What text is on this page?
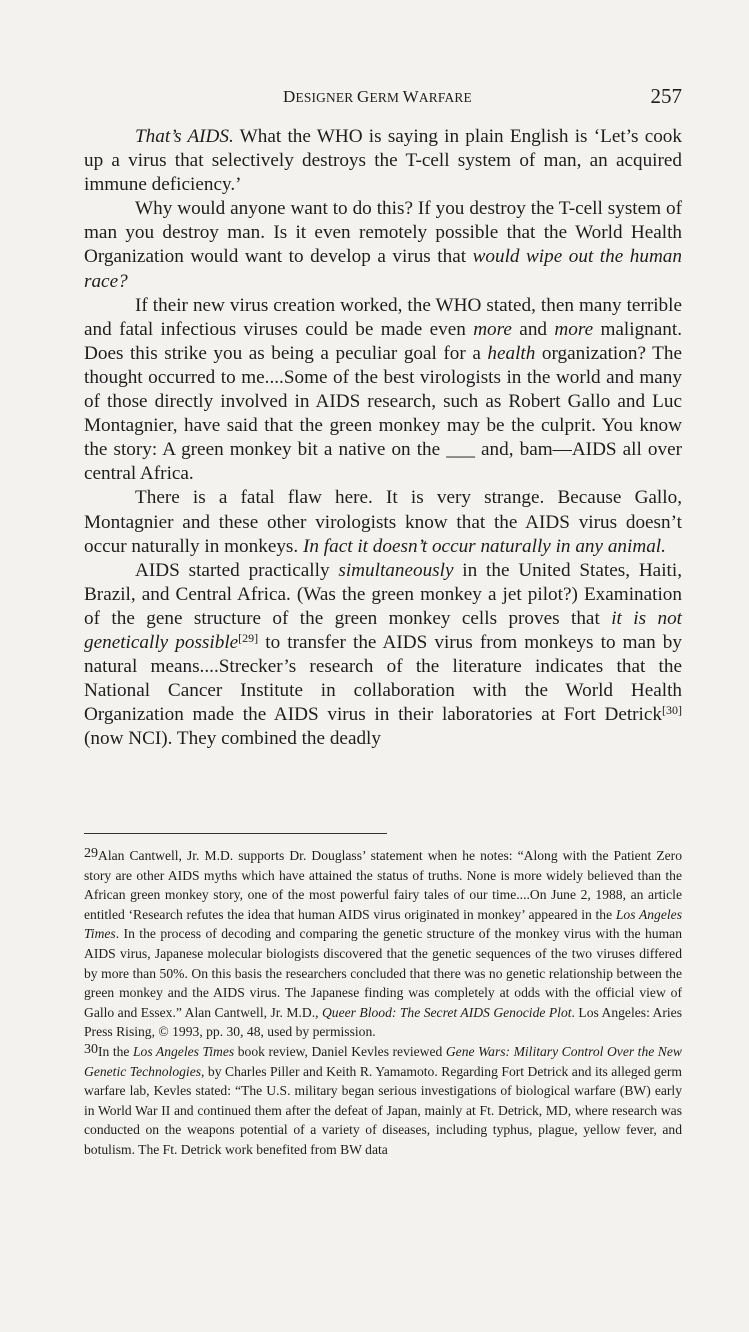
DESIGNER GERM WARFARE	257

That’s AIDS. What the WHO is saying in plain English is ‘Let’s cook up a virus that selectively destroys the T-cell system of man, an acquired immune deficiency.’

Why would anyone want to do this? If you destroy the T-cell system of man you destroy man. Is it even remotely possible that the World Health Organization would want to develop a virus that would wipe out the human race?

If their new virus creation worked, the WHO stated, then many terrible and fatal infectious viruses could be made even more and more malignant. Does this strike you as being a peculiar goal for a health organization? The thought occurred to me....Some of the best virologists in the world and many of those directly involved in AIDS research, such as Robert Gallo and Luc Montagnier, have said that the green monkey may be the culprit. You know the story: A green monkey bit a native on the ___ and, bam—AIDS all over central Africa.

There is a fatal flaw here. It is very strange. Because Gallo, Montagnier and these other virologists know that the AIDS virus doesn’t occur naturally in monkeys. In fact it doesn’t occur naturally in any animal.

AIDS started practically simultaneously in the United States, Haiti, Brazil, and Central Africa. (Was the green monkey a jet pilot?) Examination of the gene structure of the green monkey cells proves that it is not genetically possible[29] to transfer the AIDS virus from monkeys to man by natural means....Strecker’s research of the literature indicates that the National Cancer Institute in collaboration with the World Health Organization made the AIDS virus in their laboratories at Fort Detrick[30] (now NCI). They combined the deadly

29Alan Cantwell, Jr. M.D. supports Dr. Douglass’ statement when he notes: “Along with the Patient Zero story are other AIDS myths which have attained the status of truths. None is more widely believed than the African green monkey story, one of the most powerful fairy tales of our time....On June 2, 1988, an article entitled ‘Research refutes the idea that human AIDS virus originated in monkey’ appeared in the Los Angeles Times. In the process of decoding and comparing the genetic structure of the monkey virus with the human AIDS virus, Japanese molecular biologists discovered that the genetic sequences of the two viruses differed by more than 50%. On this basis the researchers concluded that there was no genetic relationship between the green monkey and the AIDS virus. The Japanese finding was completely at odds with the official view of Gallo and Essex.” Alan Cantwell, Jr. M.D., Queer Blood: The Secret AIDS Genocide Plot. Los Angeles: Aries Press Rising, © 1993, pp. 30, 48, used by permission.

30In the Los Angeles Times book review, Daniel Kevles reviewed Gene Wars: Military Control Over the New Genetic Technologies, by Charles Piller and Keith R. Yamamoto. Regarding Fort Detrick and its alleged germ warfare lab, Kevles stated: “The U.S. military began serious investigations of biological warfare (BW) early in World War II and continued them after the defeat of Japan, mainly at Ft. Detrick, MD, where research was conducted on the weapons potential of a variety of diseases, including typhus, plague, yellow fever, and botulism. The Ft. Detrick work benefited from BW data
